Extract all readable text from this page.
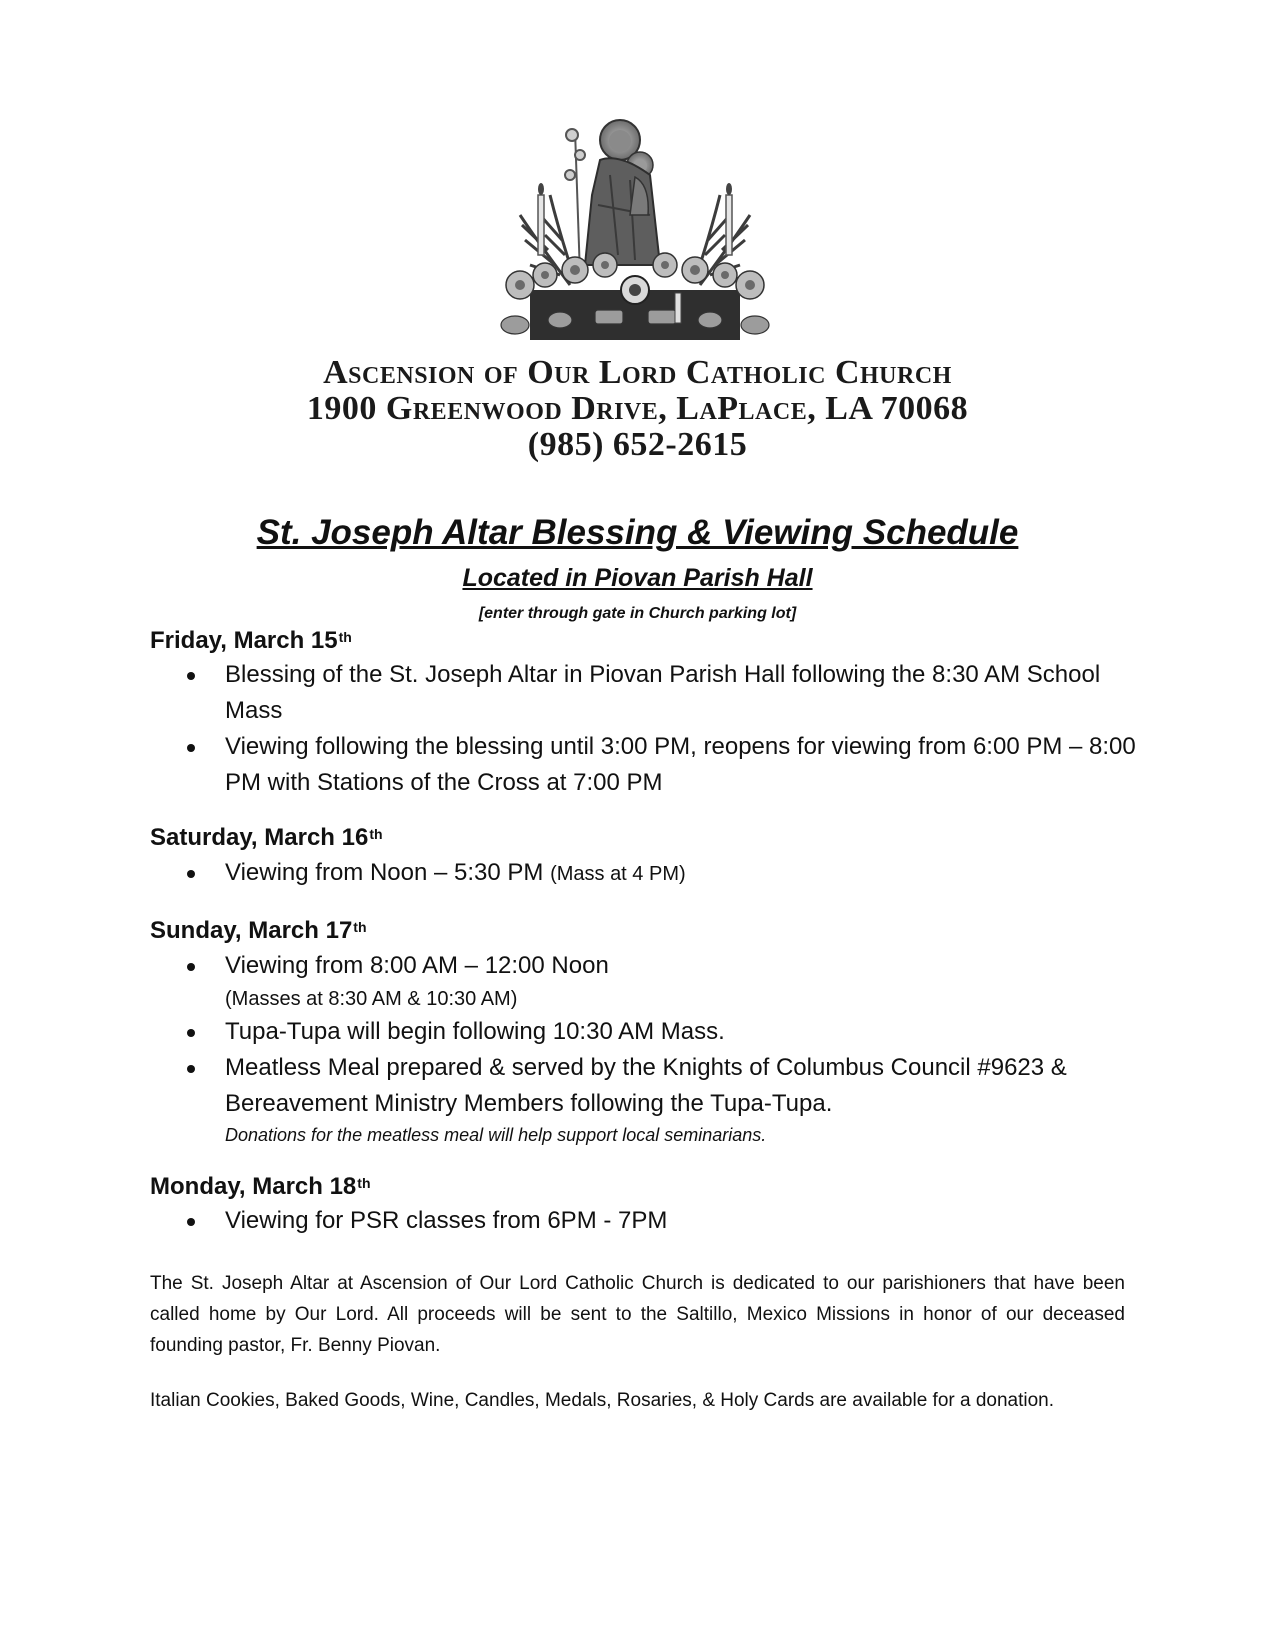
Ascension of Our Lord Catholic Church
1900 Greenwood Drive, LaPlace, LA 70068
(985) 652-2615
St. Joseph Altar Blessing & Viewing Schedule
Located in Piovan Parish Hall
[enter through gate in Church parking lot]
Friday, March 15th
Blessing of the St. Joseph Altar in Piovan Parish Hall following the 8:30 AM School Mass
Viewing following the blessing until 3:00 PM, reopens for viewing from 6:00 PM – 8:00 PM with Stations of the Cross at 7:00 PM
Saturday, March 16th
Viewing from Noon – 5:30 PM (Mass at 4 PM)
Sunday, March 17th
Viewing from 8:00 AM – 12:00 Noon
(Masses at 8:30 AM & 10:30 AM)
Tupa-Tupa will begin following 10:30 AM Mass.
Meatless Meal prepared & served by the Knights of Columbus Council #9623 & Bereavement Ministry Members following the Tupa-Tupa.
Donations for the meatless meal will help support local seminarians.
Monday, March 18th
Viewing for PSR classes from 6PM - 7PM
The St. Joseph Altar at Ascension of Our Lord Catholic Church is dedicated to our parishioners that have been called home by Our Lord. All proceeds will be sent to the Saltillo, Mexico Missions in honor of our deceased founding pastor, Fr. Benny Piovan.
Italian Cookies, Baked Goods, Wine, Candles, Medals, Rosaries, & Holy Cards are available for a donation.
